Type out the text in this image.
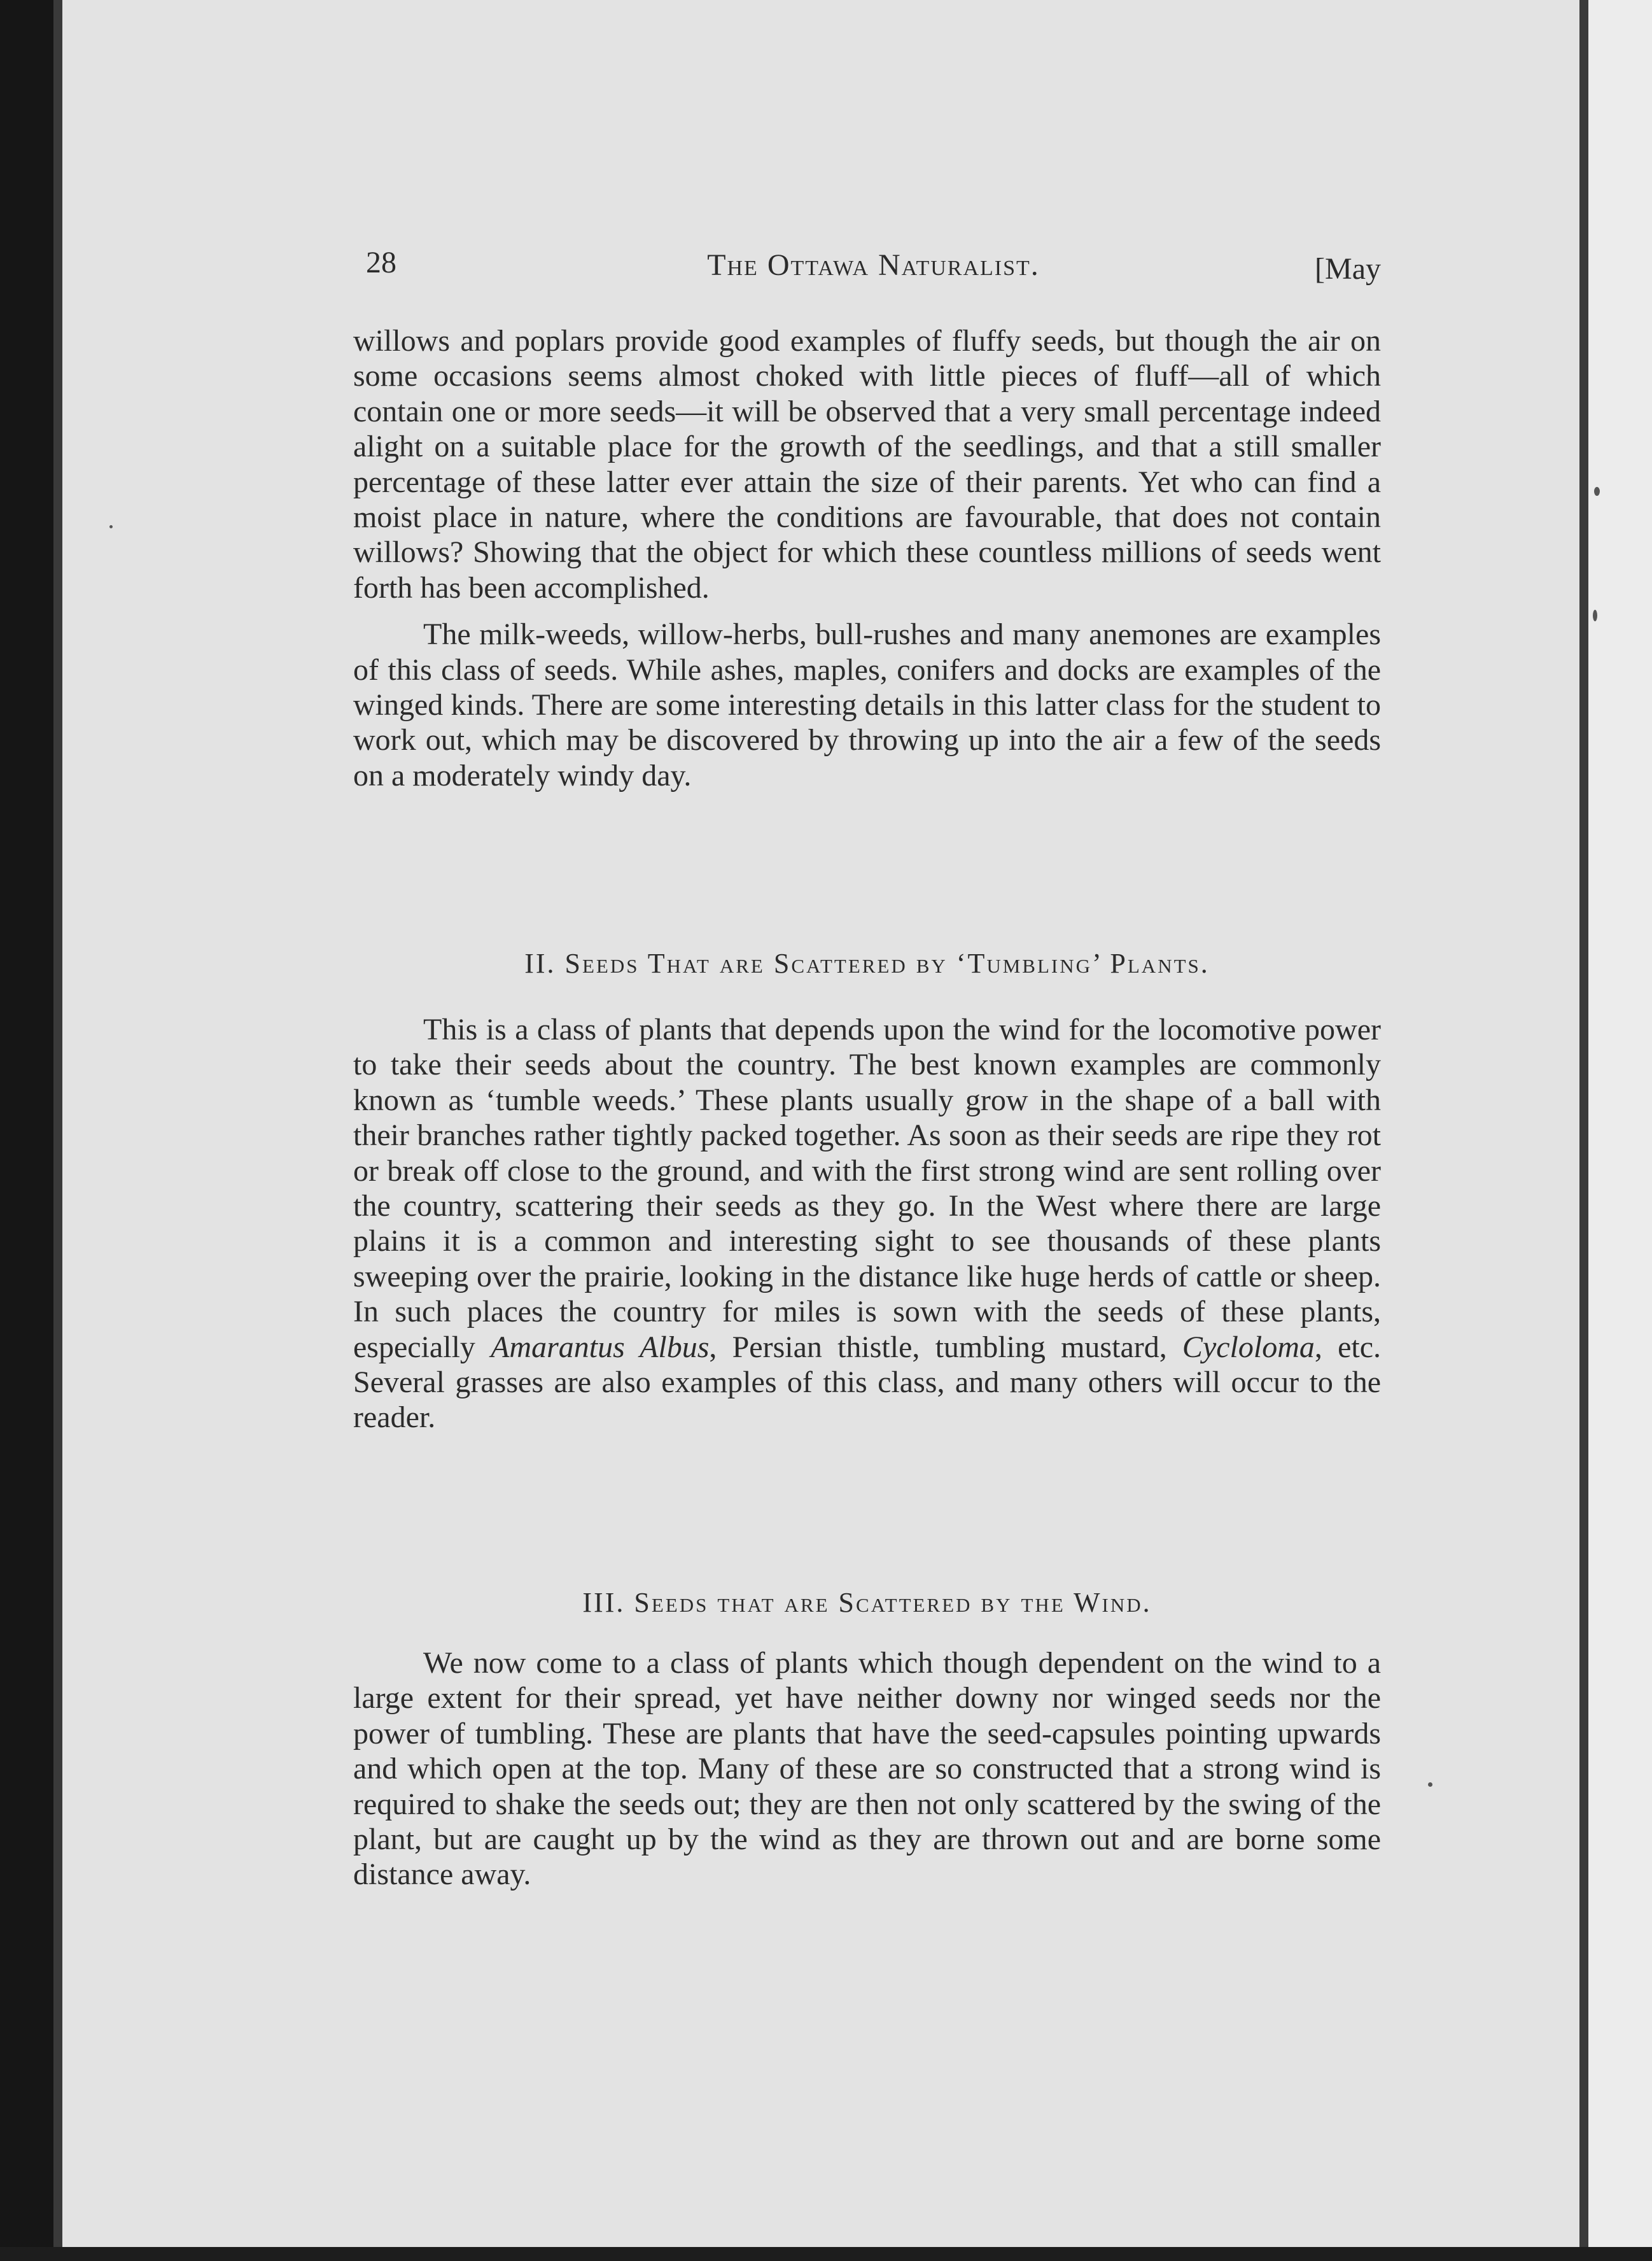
28	The Ottawa Naturalist.	[May

willows and poplars provide good examples of fluffy seeds, but though the air on some occasions seems almost choked with little pieces of fluff—all of which contain one or more seeds—it will be observed that a very small percentage indeed alight on a suitable place for the growth of the seedlings, and that a still smaller percentage of these latter ever attain the size of their parents. Yet who can find a moist place in nature, where the conditions are favourable, that does not contain willows? Showing that the object for which these countless millions of seeds went forth has been accomplished.

The milk-weeds, willow-herbs, bull-rushes and many anemones are examples of this class of seeds. While ashes, maples, conifers and docks are examples of the winged kinds. There are some interesting details in this latter class for the student to work out, which may be discovered by throwing up into the air a few of the seeds on a moderately windy day.

II. Seeds That are Scattered by ‘Tumbling’ Plants.

This is a class of plants that depends upon the wind for the locomotive power to take their seeds about the country. The best known examples are commonly known as ‘tumble weeds.’ These plants usually grow in the shape of a ball with their branches rather tightly packed together. As soon as their seeds are ripe they rot or break off close to the ground, and with the first strong wind are sent rolling over the country, scattering their seeds as they go. In the West where there are large plains it is a common and interesting sight to see thousands of these plants sweeping over the prairie, looking in the distance like huge herds of cattle or sheep. In such places the country for miles is sown with the seeds of these plants, especially Amarantus Albus, Persian thistle, tumbling mustard, Cycloloma, etc. Several grasses are also examples of this class, and many others will occur to the reader.

III. Seeds that are Scattered by the Wind.

We now come to a class of plants which though dependent on the wind to a large extent for their spread, yet have neither downy nor winged seeds nor the power of tumbling. These are plants that have the seed-capsules pointing upwards and which open at the top. Many of these are so constructed that a strong wind is required to shake the seeds out; they are then not only scattered by the swing of the plant, but are caught up by the wind as they are thrown out and are borne some distance away.
